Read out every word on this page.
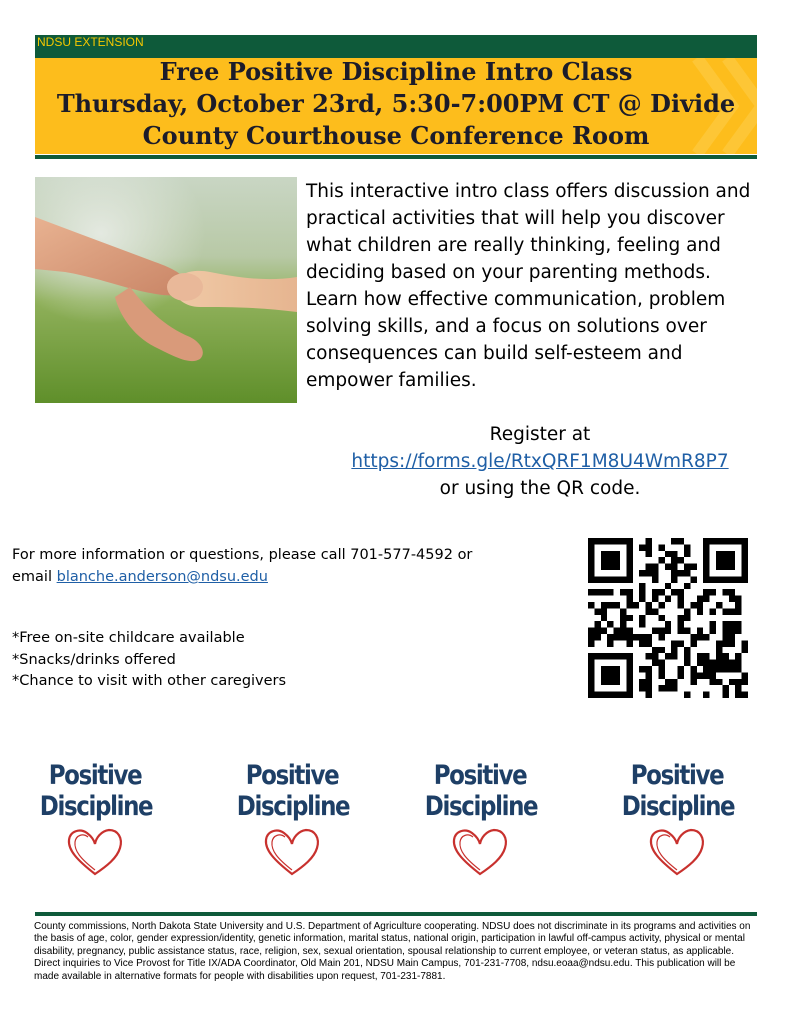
NDSU EXTENSION
Free Positive Discipline Intro Class
Thursday, October 23rd, 5:30-7:00PM CT @ Divide
County Courthouse Conference Room
This interactive intro class offers discussion and practical activities that will help you discover what children are really thinking, feeling and deciding based on your parenting methods. Learn how effective communication, problem solving skills, and a focus on solutions over consequences can build self-esteem and empower families.
Register at
https://forms.gle/RtxQRF1M8U4WmR8P7
or using the QR code.
For more information or questions, please call 701-577-4592 or email blanche.anderson@ndsu.edu
*Free on-site childcare available
*Snacks/drinks offered
*Chance to visit with other caregivers
Positive
Discipline
Positive
Discipline
Positive
Discipline
Positive
Discipline
County commissions, North Dakota State University and U.S. Department of Agriculture cooperating. NDSU does not discriminate in its programs and activities on the basis of age, color, gender expression/identity, genetic information, marital status, national origin, participation in lawful off-campus activity, physical or mental disability, pregnancy, public assistance status, race, religion, sex, sexual orientation, spousal relationship to current employee, or veteran status, as applicable. Direct inquiries to Vice Provost for Title IX/ADA Coordinator, Old Main 201, NDSU Main Campus, 701-231-7708, ndsu.eoaa@ndsu.edu. This publication will be made available in alternative formats for people with disabilities upon request, 701-231-7881.
